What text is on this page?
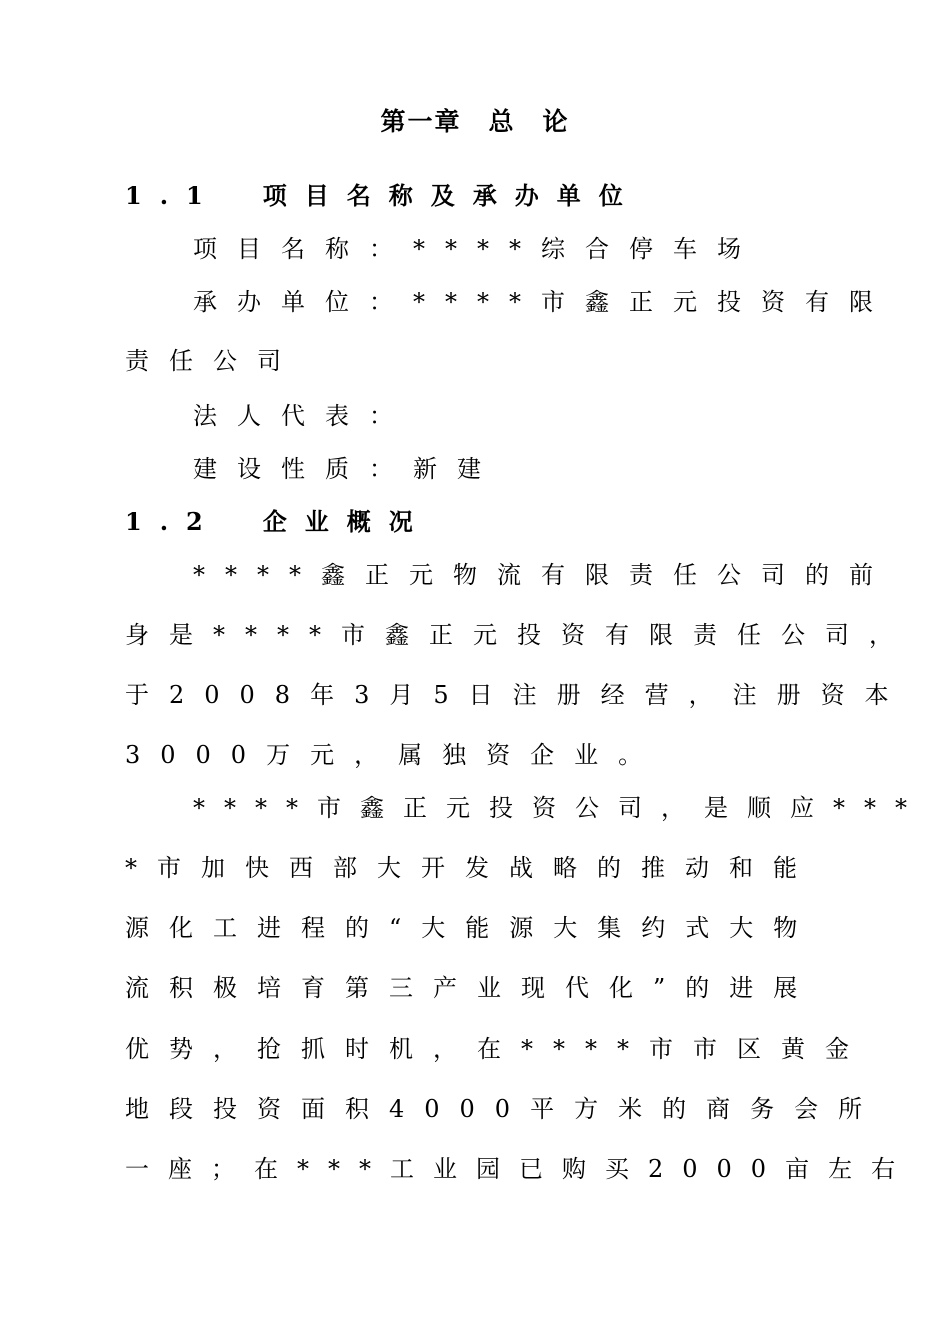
第一章　总　论
1.1　项目名称及承办单位
项目名称：****综合停车场
承办单位：****市鑫正元投资有限
责任公司
法人代表：
建设性质：新建
1.2　企业概况
****鑫正元物流有限责任公司的前
身是****市鑫正元投资有限责任公司，
于2008年3月5日注册经营，注册资本
3000万元，属独资企业。
****市鑫正元投资公司，是顺应***
*市加快西部大开发战略的推动和能
源化工进程的“大能源大集约式大物
流积极培育第三产业现代化”的进展
优势，抢抓时机，在****市市区黄金
地段投资面积4000平方米的商务会所
一座；在***工业园已购买2000亩左右
